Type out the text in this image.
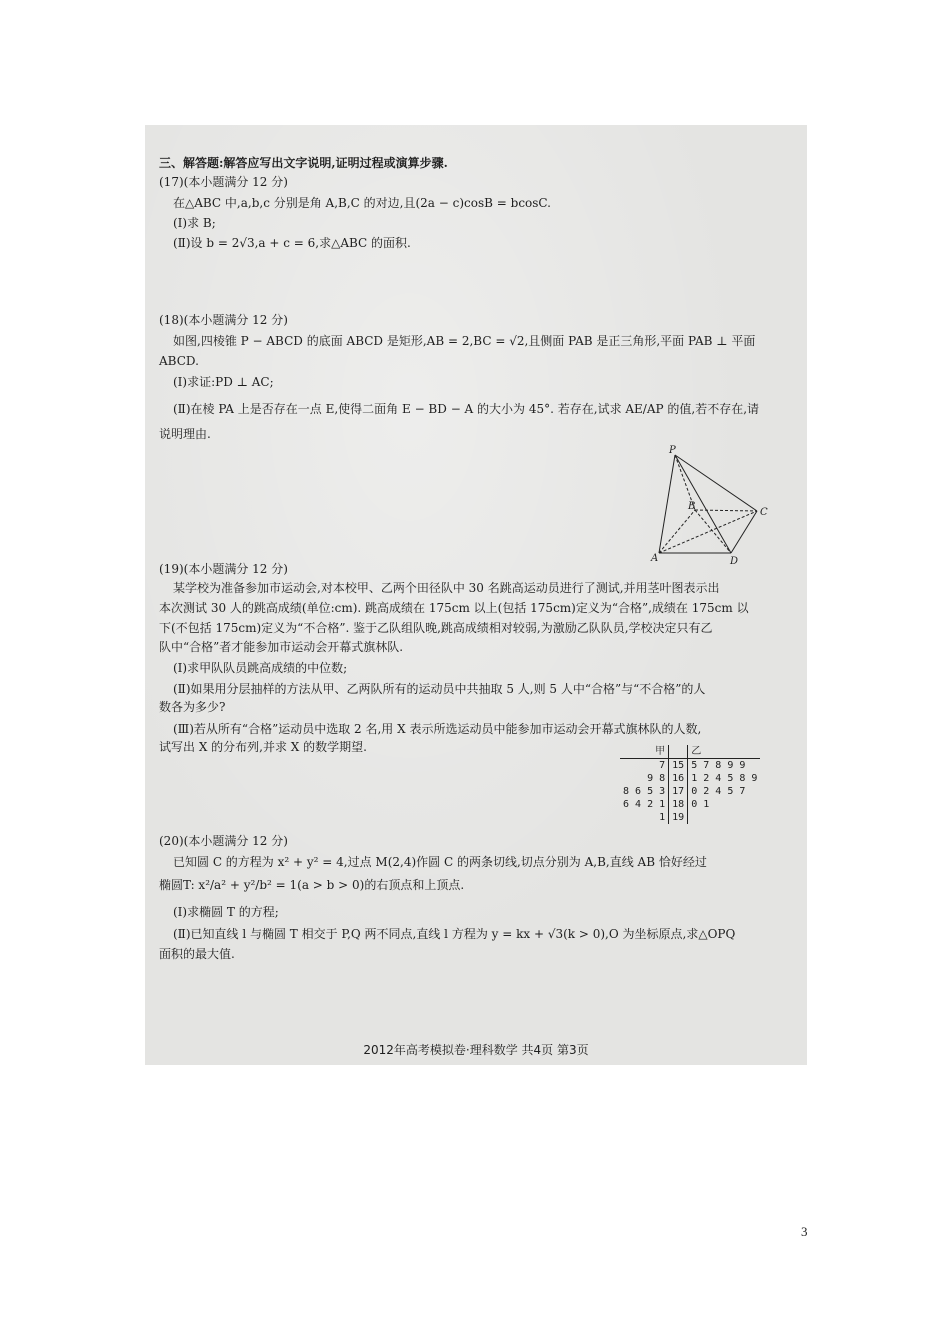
三、解答题:解答应写出文字说明,证明过程或演算步骤.
(17)(本小题满分 12 分)
在△ABC 中,a,b,c 分别是角 A,B,C 的对边,且(2a − c)cosB = bcosC.
(Ⅰ)求 B;
(Ⅱ)设 b = 2√3,a + c = 6,求△ABC 的面积.
(18)(本小题满分 12 分)
如图,四棱锥 P − ABCD 的底面 ABCD 是矩形,AB = 2,BC = √2,且侧面 PAB 是正三角形,平面 PAB ⊥ 平面
ABCD.
(Ⅰ)求证:PD ⊥ AC;
(Ⅱ)在棱 PA 上是否存在一点 E,使得二面角 E − BD − A 的大小为 45°. 若存在,试求 AE/AP 的值,若不存在,请
说明理由.
P
A
B
C
D
(19)(本小题满分 12 分)
某学校为准备参加市运动会,对本校甲、乙两个田径队中 30 名跳高运动员进行了测试,并用茎叶图表示出
本次测试 30 人的跳高成绩(单位:cm). 跳高成绩在 175cm 以上(包括 175cm)定义为“合格”,成绩在 175cm 以
下(不包括 175cm)定义为“不合格”. 鉴于乙队组队晚,跳高成绩相对较弱,为激励乙队队员,学校决定只有乙
队中“合格”者才能参加市运动会开幕式旗林队.
(Ⅰ)求甲队队员跳高成绩的中位数;
(Ⅱ)如果用分层抽样的方法从甲、乙两队所有的运动员中共抽取 5 人,则 5 人中“合格”与“不合格”的人
数各为多少?
(Ⅲ)若从所有“合格”运动员中选取 2 名,用 X 表示所选运动员中能参加市运动会开幕式旗林队的人数,
试写出 X 的分布列,并求 X 的数学期望.	甲		乙
7	15	5 7 8 9 9
9 8	16	1 2 4 5 8 9
8 6 5 3	17	0 2 4 5 7
6 4 2 1	18	0 1
1	19	
(20)(本小题满分 12 分)
已知圆 C 的方程为 x² + y² = 4,过点 M(2,4)作圆 C 的两条切线,切点分别为 A,B,直线 AB 恰好经过
椭圆T: x²/a² + y²/b² = 1(a > b > 0)的右顶点和上顶点.
(Ⅰ)求椭圆 T 的方程;
(Ⅱ)已知直线 l 与椭圆 T 相交于 P,Q 两不同点,直线 l 方程为 y = kx + √3(k > 0),O 为坐标原点,求△OPQ
面积的最大值.
2012年高考模拟卷·理科数学 共4页 第3页
3
